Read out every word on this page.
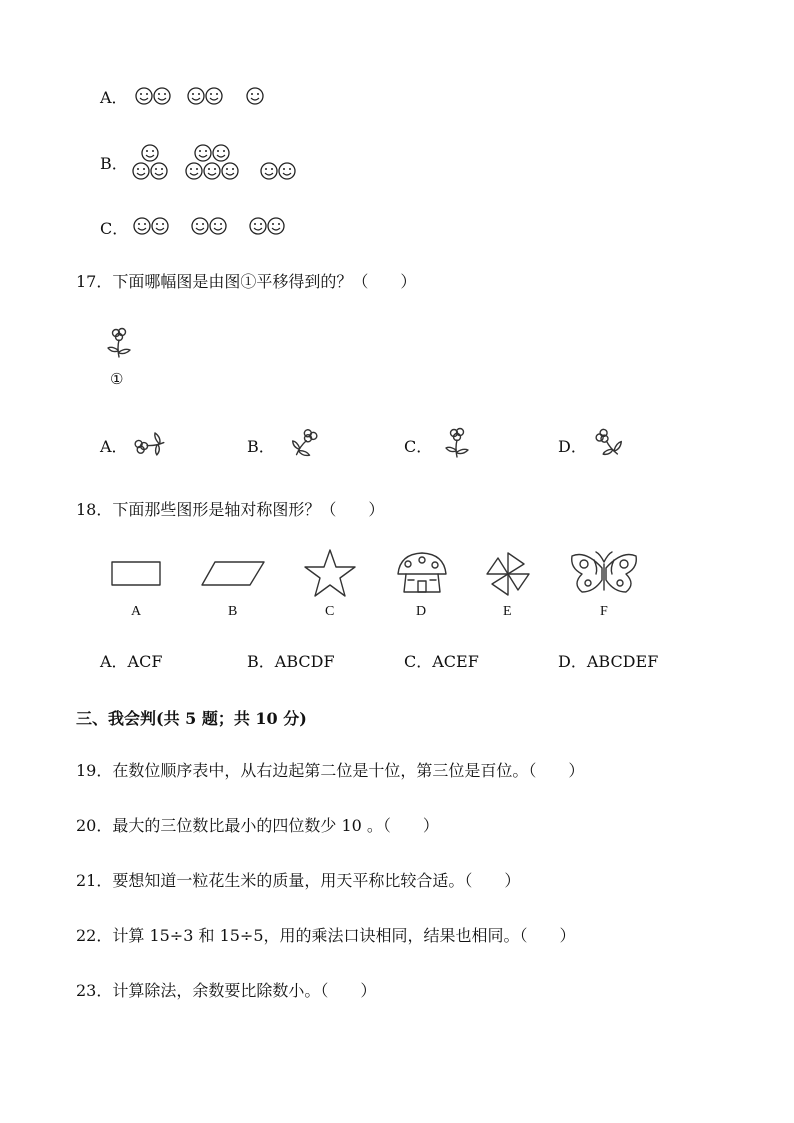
A．
B．
C．
17．下面哪幅图是由图①平移得到的？（　　）
①
A．	B．	C．	D．
18．下面那些图形是轴对称图形？（　　）
A	B	C	D	E	F
A．ACF	B．ABCDF	C．ACEF	D．ABCDEF
三、我会判(共 5 题；共 10 分)
19．在数位顺序表中，从右边起第二位是十位，第三位是百位。（　　）
20．最大的三位数比最小的四位数少 10 。（　　）
21．要想知道一粒花生米的质量，用天平称比较合适。（　　）
22．计算 15÷3 和 15÷5，用的乘法口诀相同，结果也相同。（　　）
23．计算除法，余数要比除数小。（　　）
